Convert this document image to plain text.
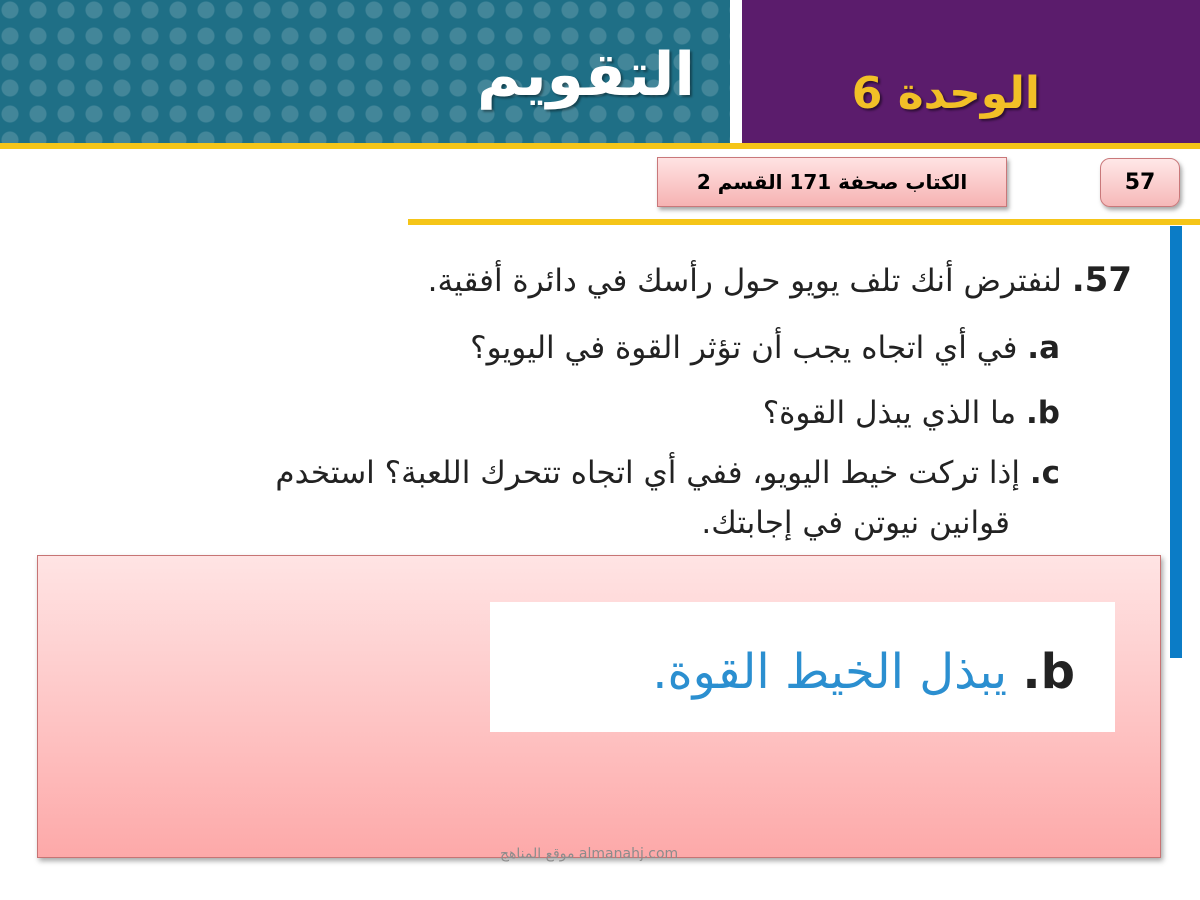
التقويم	الوحدة 6
الكتاب صحفة 171 القسم 2	57
57. لنفترض أنك تلف يويو حول رأسك في دائرة أفقية.
a. في أي اتجاه يجب أن تؤثر القوة في اليويو؟
b. ما الذي يبذل القوة؟
c. إذا تركت خيط اليويو، ففي أي اتجاه تتحرك اللعبة؟ استخدم
قوانين نيوتن في إجابتك.
b. يبذل الخيط القوة.
موقع المناهج almanahj.com
